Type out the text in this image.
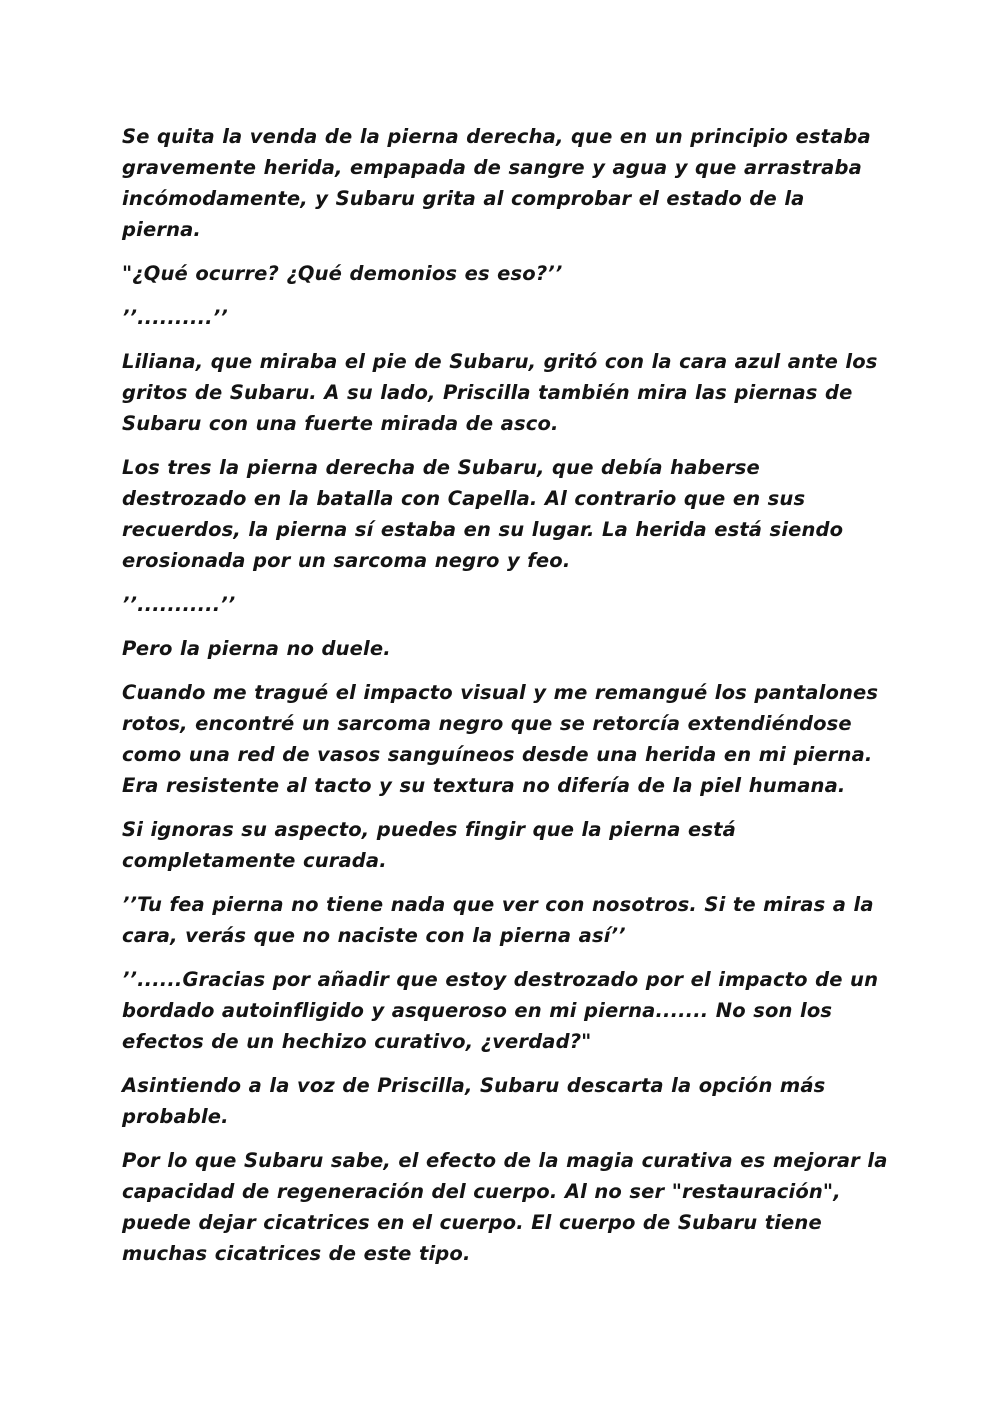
Se quita la venda de la pierna derecha, que en un principio estaba gravemente herida, empapada de sangre y agua y que arrastraba incómodamente, y Subaru grita al comprobar el estado de la pierna.

"¿Qué ocurre? ¿Qué demonios es eso?’’

’’..........’’

Liliana, que miraba el pie de Subaru, gritó con la cara azul ante los gritos de Subaru. A su lado, Priscilla también mira las piernas de Subaru con una fuerte mirada de asco.

Los tres la pierna derecha de Subaru, que debía haberse destrozado en la batalla con Capella. Al contrario que en sus recuerdos, la pierna sí estaba en su lugar. La herida está siendo erosionada por un sarcoma negro y feo.

’’...........’’

Pero la pierna no duele.

Cuando me tragué el impacto visual y me remangué los pantalones rotos, encontré un sarcoma negro que se retorcía extendiéndose como una red de vasos sanguíneos desde una herida en mi pierna. Era resistente al tacto y su textura no difería de la piel humana.

Si ignoras su aspecto, puedes fingir que la pierna está completamente curada.

’’Tu fea pierna no tiene nada que ver con nosotros. Si te miras a la cara, verás que no naciste con la pierna así’’

’’......Gracias por añadir que estoy destrozado por el impacto de un bordado autoinfligido y asqueroso en mi pierna....... No son los efectos de un hechizo curativo, ¿verdad?"

Asintiendo a la voz de Priscilla, Subaru descarta la opción más probable.

Por lo que Subaru sabe, el efecto de la magia curativa es mejorar la capacidad de regeneración del cuerpo. Al no ser "restauración", puede dejar cicatrices en el cuerpo. El cuerpo de Subaru tiene muchas cicatrices de este tipo.
